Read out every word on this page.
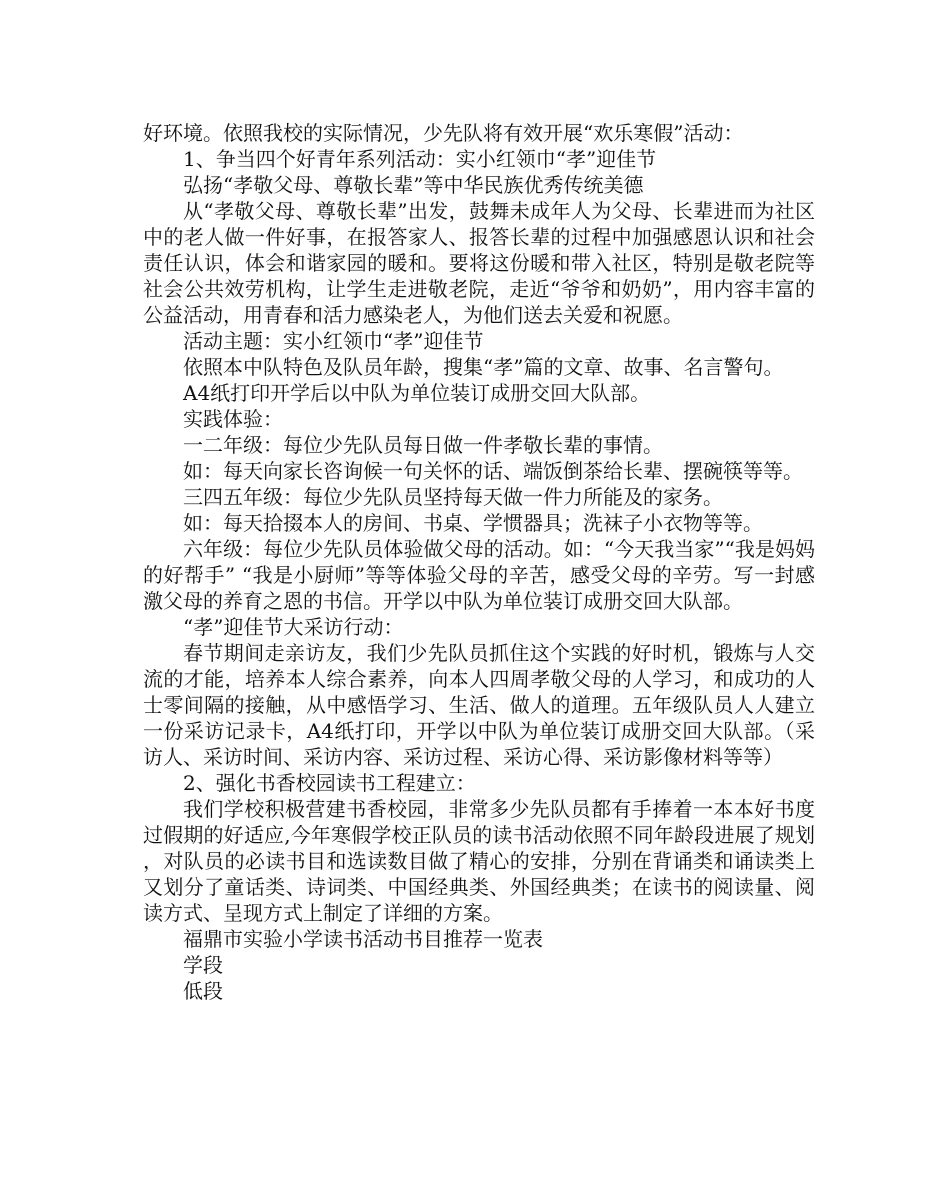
好环境。依照我校的实际情况，少先队将有效开展“欢乐寒假”活动：

1、争当四个好青年系列活动：实小红领巾“孝”迎佳节

弘扬“孝敬父母、尊敬长辈”等中华民族优秀传统美德

从“孝敬父母、尊敬长辈”出发，鼓舞未成年人为父母、长辈进而为社区中的老人做一件好事，在报答家人、报答长辈的过程中加强感恩认识和社会责任认识，体会和谐家园的暖和。要将这份暖和带入社区，特别是敬老院等社会公共效劳机构，让学生走进敬老院，走近“爷爷和奶奶”，用内容丰富的公益活动，用青春和活力感染老人，为他们送去关爱和祝愿。

活动主题：实小红领巾“孝”迎佳节

依照本中队特色及队员年龄，搜集“孝”篇的文章、故事、名言警句。

A4纸打印开学后以中队为单位装订成册交回大队部。

实践体验：

一二年级：每位少先队员每日做一件孝敬长辈的事情。

如：每天向家长咨询候一句关怀的话、端饭倒茶给长辈、摆碗筷等等。

三四五年级：每位少先队员坚持每天做一件力所能及的家务。

如：每天拾掇本人的房间、书桌、学惯器具；洗袜子小衣物等等。

六年级：每位少先队员体验做父母的活动。如：“今天我当家”“我是妈妈的好帮手” “我是小厨师”等等体验父母的辛苦，感受父母的辛劳。写一封感激父母的养育之恩的书信。开学以中队为单位装订成册交回大队部。

“孝”迎佳节大采访行动：

春节期间走亲访友，我们少先队员抓住这个实践的好时机，锻炼与人交流的才能，培养本人综合素养，向本人四周孝敬父母的人学习，和成功的人士零间隔的接触，从中感悟学习、生活、做人的道理。五年级队员人人建立一份采访记录卡，A4纸打印，开学以中队为单位装订成册交回大队部。（采访人、采访时间、采访内容、采访过程、采访心得、采访影像材料等等）

2、强化书香校园读书工程建立：

我们学校积极营建书香校园，非常多少先队员都有手捧着一本本好书度过假期的好适应,今年寒假学校正队员的读书活动依照不同年龄段进展了规划，对队员的必读书目和选读数目做了精心的安排，分别在背诵类和诵读类上又划分了童话类、诗词类、中国经典类、外国经典类；在读书的阅读量、阅读方式、呈现方式上制定了详细的方案。

福鼎市实验小学读书活动书目推荐一览表

学段

低段
